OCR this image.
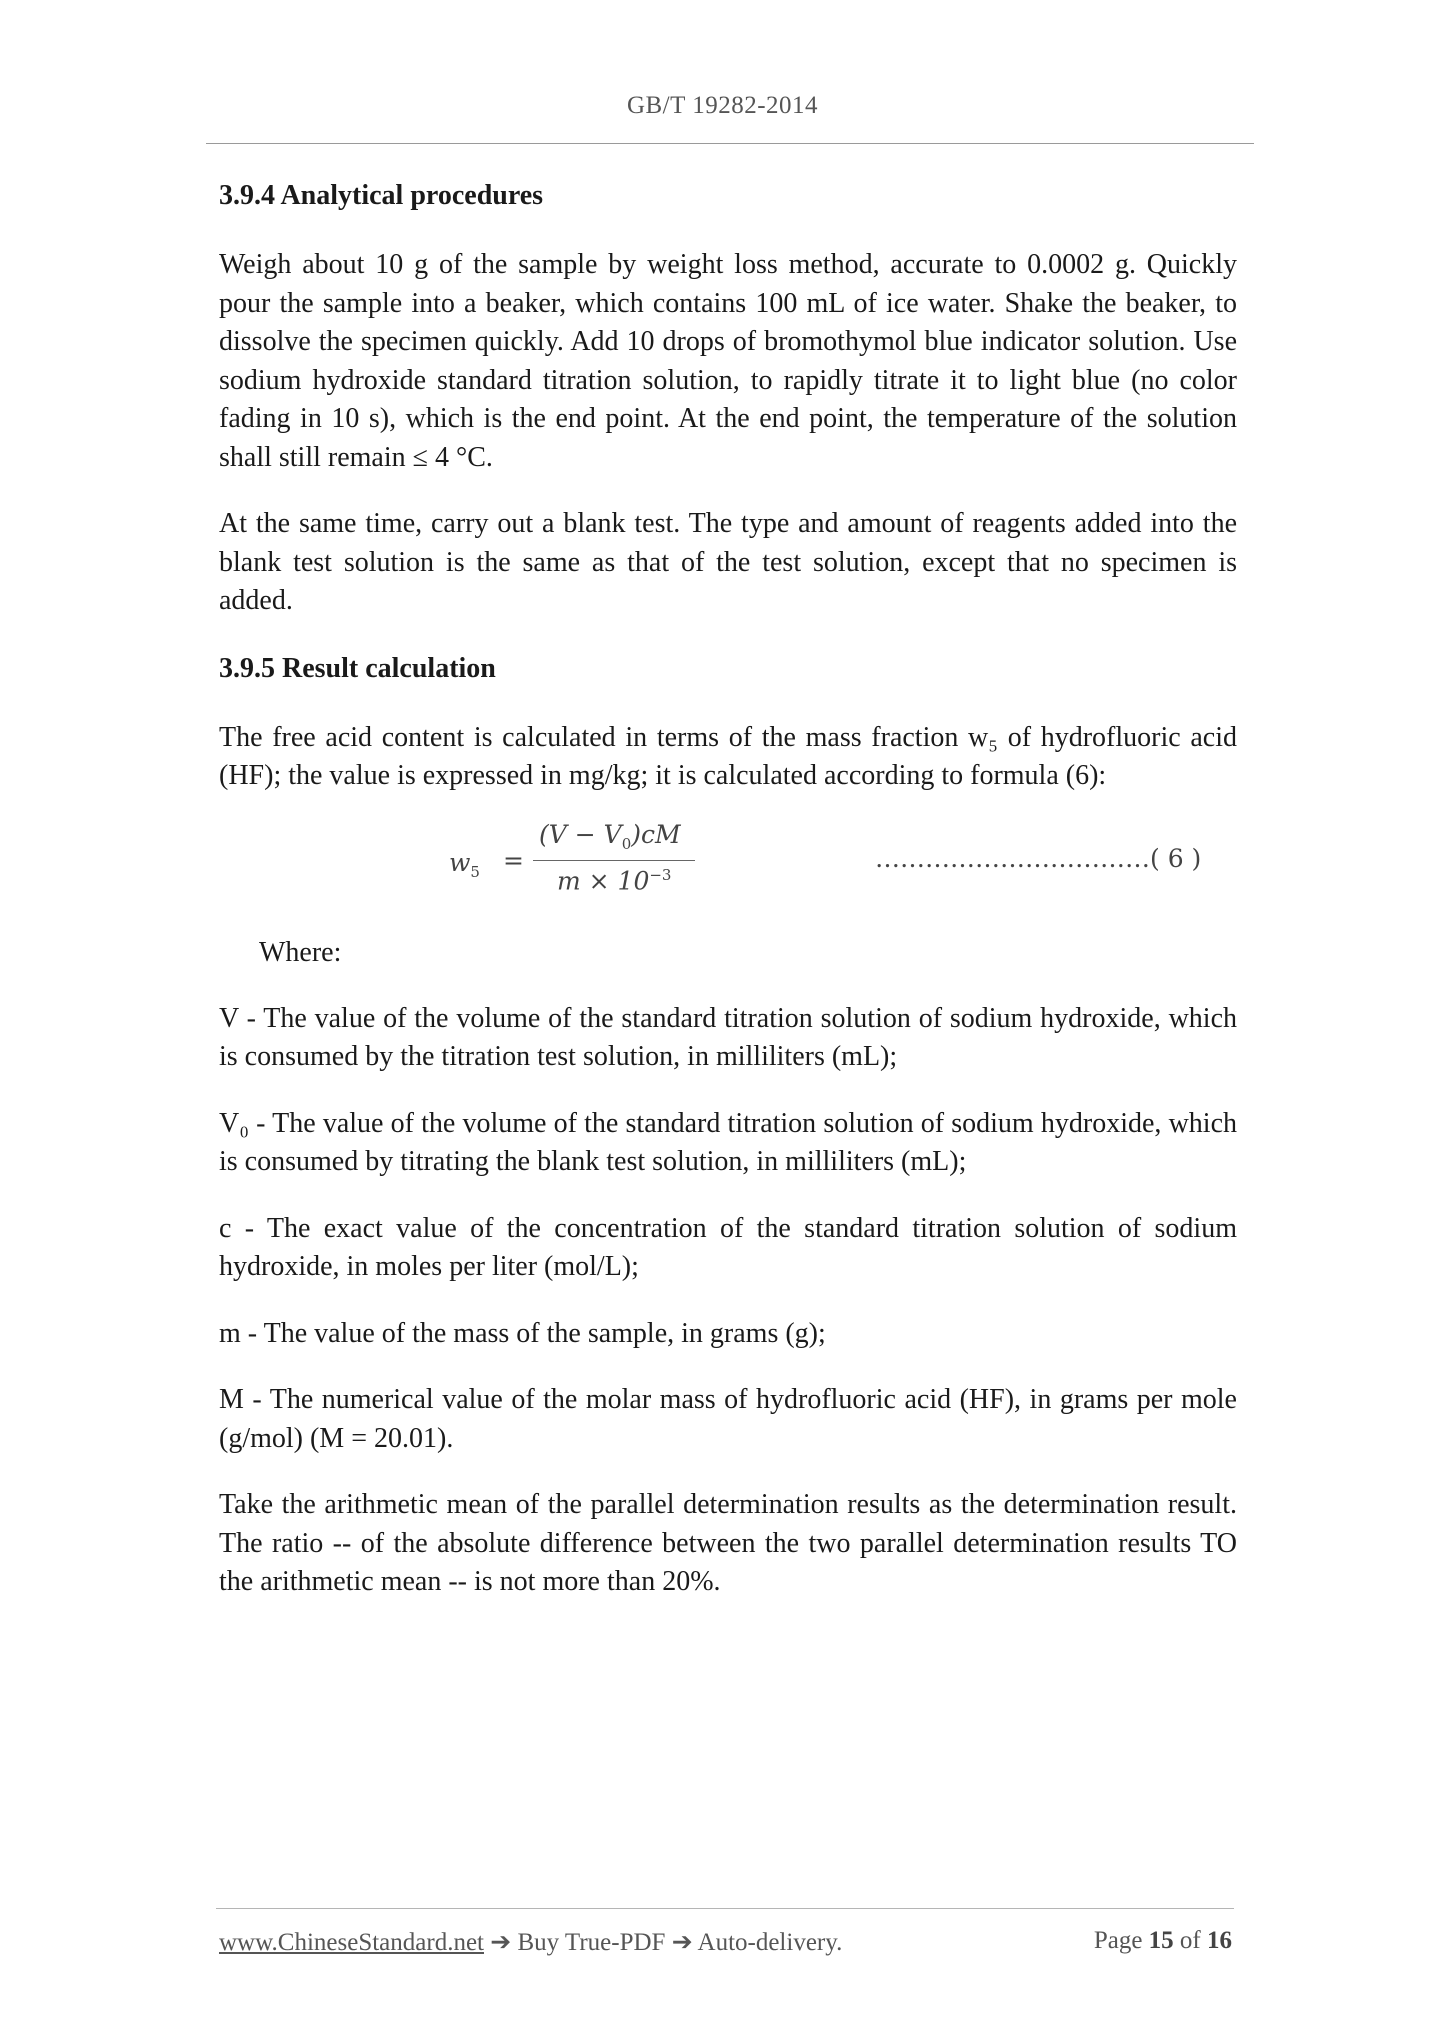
GB/T 19282-2014
3.9.4 Analytical procedures

Weigh about 10 g of the sample by weight loss method, accurate to 0.0002 g. Quickly pour the sample into a beaker, which contains 100 mL of ice water. Shake the beaker, to dissolve the specimen quickly. Add 10 drops of bromothymol blue indicator solution. Use sodium hydroxide standard titration solution, to rapidly titrate it to light blue (no color fading in 10 s), which is the end point. At the end point, the temperature of the solution shall still remain ≤ 4 °C.

At the same time, carry out a blank test. The type and amount of reagents added into the blank test solution is the same as that of the test solution, except that no specimen is added.

3.9.5 Result calculation

The free acid content is calculated in terms of the mass fraction w₅ of hydrofluoric acid (HF); the value is expressed in mg/kg; it is calculated according to formula (6):

$w_5$ =
$(V - V_0)cM$
$m \times 10^{-3}$
……………………………( 6 )
Where:

V - The value of the volume of the standard titration solution of sodium hydroxide, which is consumed by the titration test solution, in milliliters (mL);

V₀ - The value of the volume of the standard titration solution of sodium hydroxide, which is consumed by titrating the blank test solution, in milliliters (mL);

c - The exact value of the concentration of the standard titration solution of sodium hydroxide, in moles per liter (mol/L);

m - The value of the mass of the sample, in grams (g);

M - The numerical value of the molar mass of hydrofluoric acid (HF), in grams per mole (g/mol) (M = 20.01).

Take the arithmetic mean of the parallel determination results as the determination result. The ratio -- of the absolute difference between the two parallel determination results TO the arithmetic mean -- is not more than 20%.

www.ChineseStandard.net ➔ Buy True-PDF ➔ Auto-delivery.	Page 15 of 16
